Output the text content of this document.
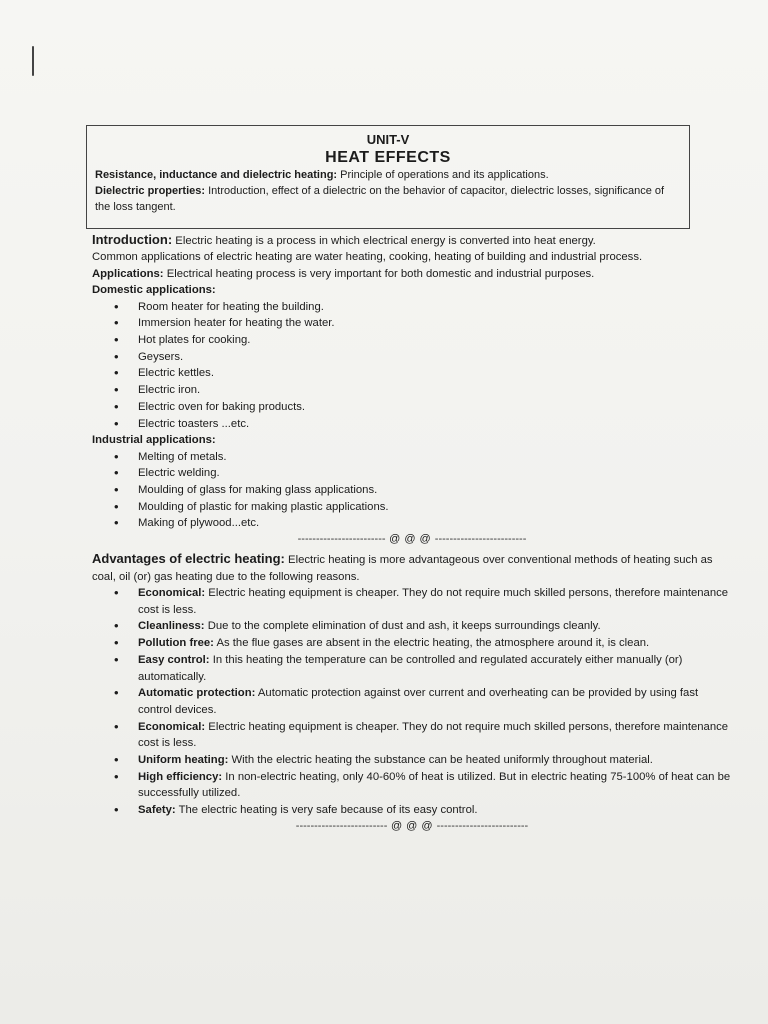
UNIT-V
HEAT EFFECTS
Resistance, inductance and dielectric heating: Principle of operations and its applications.
Dielectric properties: Introduction, effect of a dielectric on the behavior of capacitor, dielectric losses, significance of the loss tangent.
Introduction: Electric heating is a process in which electrical energy is converted into heat energy.
Common applications of electric heating are water heating, cooking, heating of building and industrial process.
Applications: Electrical heating process is very important for both domestic and industrial purposes.
Domestic applications:
• Room heater for heating the building.
• Immersion heater for heating the water.
• Hot plates for cooking.
• Geysers.
• Electric kettles.
• Electric iron.
• Electric oven for baking products.
• Electric toasters ...etc.
Industrial applications:
• Melting of metals.
• Electric welding.
• Moulding of glass for making glass applications.
• Moulding of plastic for making plastic applications.
• Making of plywood...etc.
------------------------ @ @ @ -------------------------
Advantages of electric heating: Electric heating is more advantageous over conventional methods of heating such as coal, oil (or) gas heating due to the following reasons.
• Economical: Electric heating equipment is cheaper. They do not require much skilled persons, therefore maintenance cost is less.
• Cleanliness: Due to the complete elimination of dust and ash, it keeps surroundings cleanly.
• Pollution free: As the flue gases are absent in the electric heating, the atmosphere around it, is clean.
• Easy control: In this heating the temperature can be controlled and regulated accurately either manually (or) automatically.
• Automatic protection: Automatic protection against over current and overheating can be provided by using fast control devices.
• Economical: Electric heating equipment is cheaper. They do not require much skilled persons, therefore maintenance cost is less.
• Uniform heating: With the electric heating the substance can be heated uniformly throughout material.
• High efficiency: In non-electric heating, only 40-60% of heat is utilized. But in electric heating 75-100% of heat can be successfully utilized.
• Safety: The electric heating is very safe because of its easy control.
------------------------- @ @ @ -------------------------
